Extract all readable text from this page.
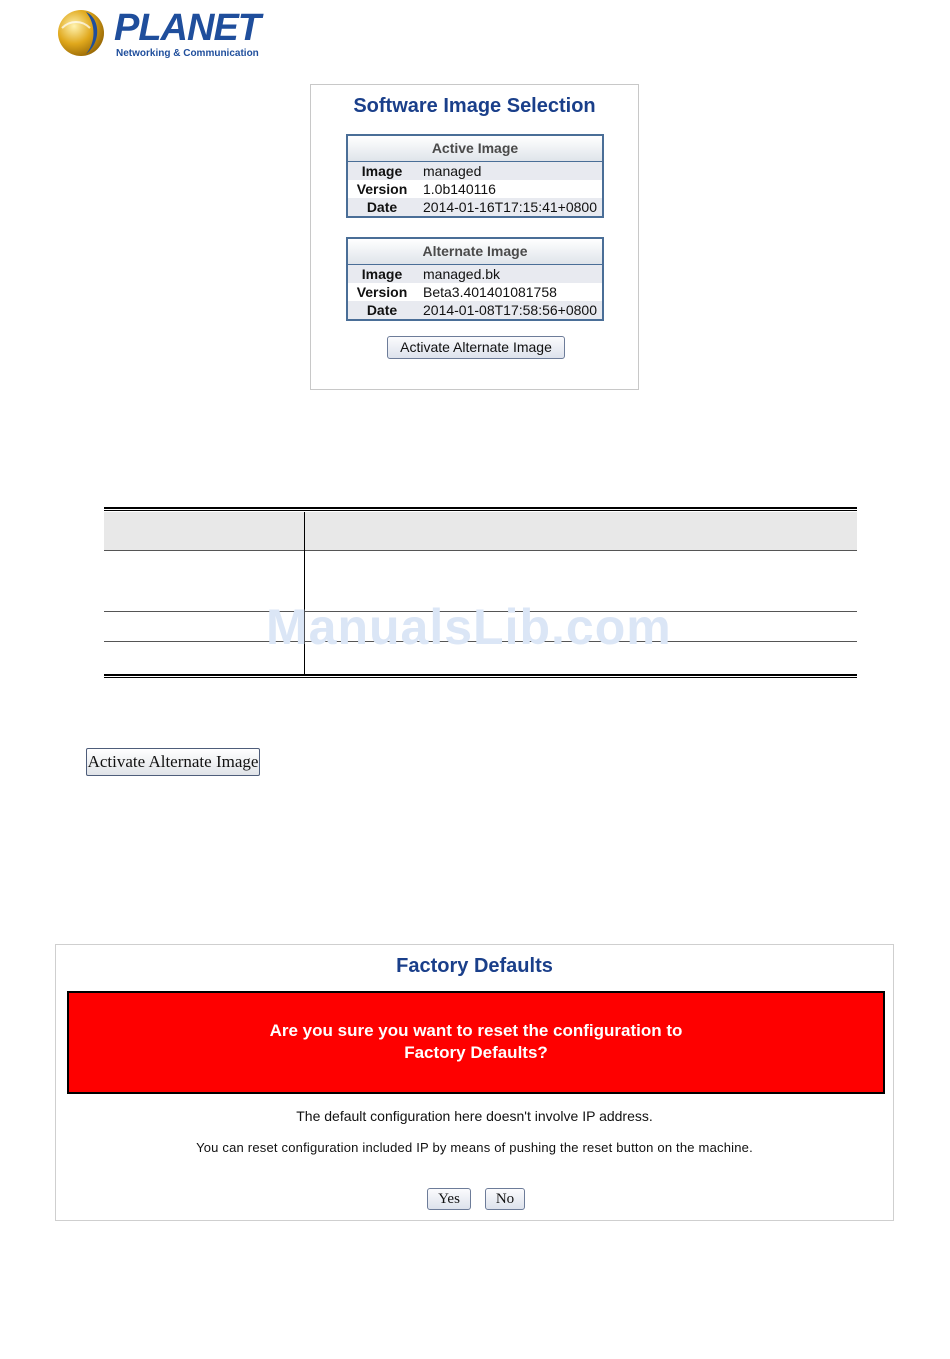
PLANET
Networking & Communication
Software Image Selection
Active Image
Image	managed
Version	1.0b140116
Date	2014-01-16T17:15:41+0800
Alternate Image
Image	managed.bk
Version	Beta3.401401081758
Date	2014-01-08T17:58:56+0800
Activate Alternate Image
ManualsLib.com
Activate Alternate Image
Factory Defaults
Are you sure you want to reset the configuration to
Factory Defaults?
The default configuration here doesn't involve IP address.
You can reset configuration included IP by means of pushing the reset button on the machine.
Yes	No
